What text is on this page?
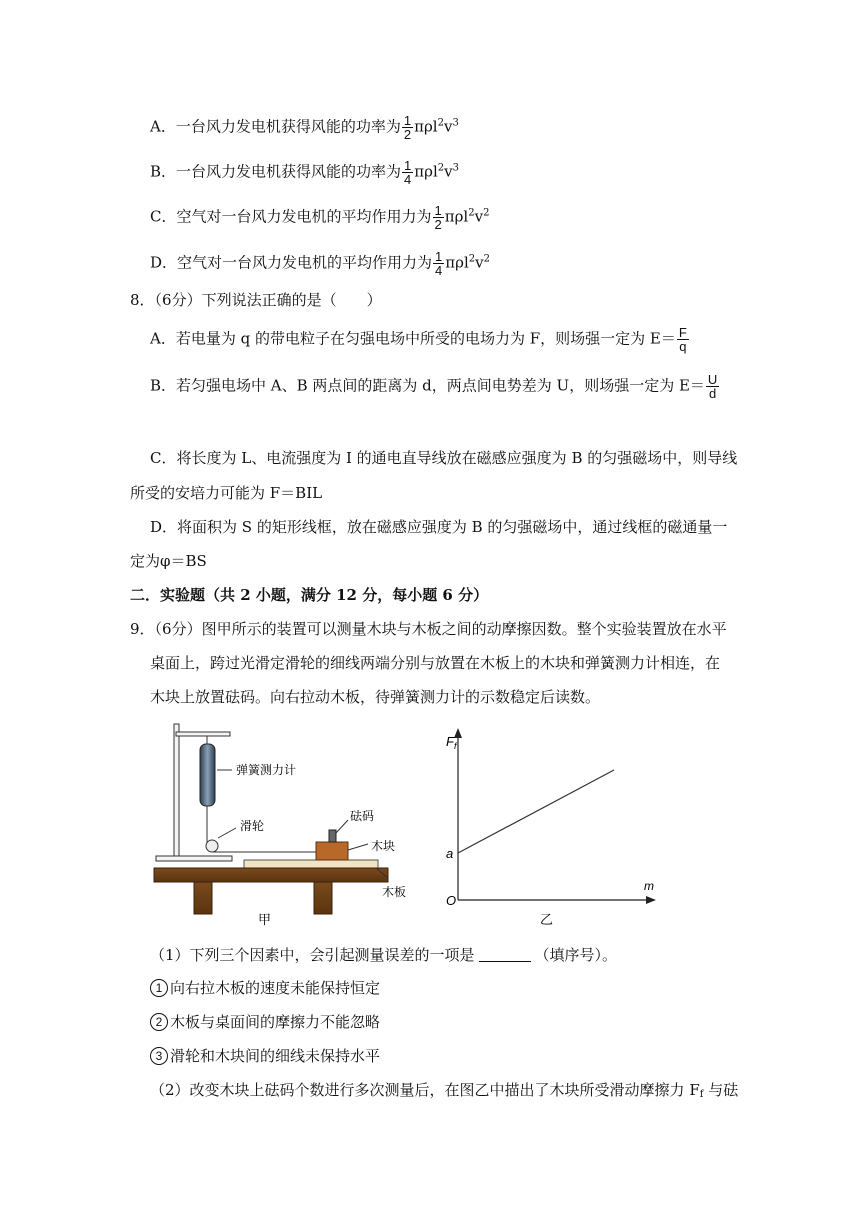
A．一台风力发电机获得风能的功率为 $\frac{1}{2} \pi\rho l^2v^3$
B．一台风力发电机获得风能的功率为 $\frac{1}{4} \pi\rho l^2v^3$
C．空气对一台风力发电机的平均作用力为 $\frac{1}{2} \pi\rho l^2v^2$
D．空气对一台风力发电机的平均作用力为 $\frac{1}{4} \pi\rho l^2v^2$
8．（6分）下列说法正确的是（　　）
A．若电量为 q 的带电粒子在匀强电场中所受的电场力为 F，则场强一定为 $E= \frac{F}{q}$
B．若匀强电场中 A、B 两点间的距离为 d，两点间电势差为 U，则场强一定为 $E= \frac{U}{d}$
C．将长度为 L、电流强度为 I 的通电直导线放在磁感应强度为 B 的匀强磁场中，则导线
所受的安培力可能为 F＝BIL
D．将面积为 S 的矩形线框，放在磁感应强度为 B 的匀强磁场中，通过线框的磁通量一
定为φ＝BS
二．实验题（共 2 小题，满分 12 分，每小题 6 分）
9．（6分）图甲所示的装置可以测量木块与木板之间的动摩擦因数。整个实验装置放在水平
桌面上，跨过光滑定滑轮的细线两端分别与放置在木板上的木块和弹簧测力计相连，在
木块上放置砝码。向右拉动木板，待弹簧测力计的示数稳定后读数。
弹簧测力计
滑轮
砝码
木块
木板
甲
$F_f$
m
O
a
乙
（1）下列三个因素中，会引起测量误差的一项是	（填序号）。
1 向右拉木板的速度未能保持恒定
2 木板与桌面间的摩擦力不能忽略
3 滑轮和木块间的细线未保持水平
（2）改变木块上砝码个数进行多次测量后，在图乙中描出了木块所受滑动摩擦力 $F_f$ 与砝
